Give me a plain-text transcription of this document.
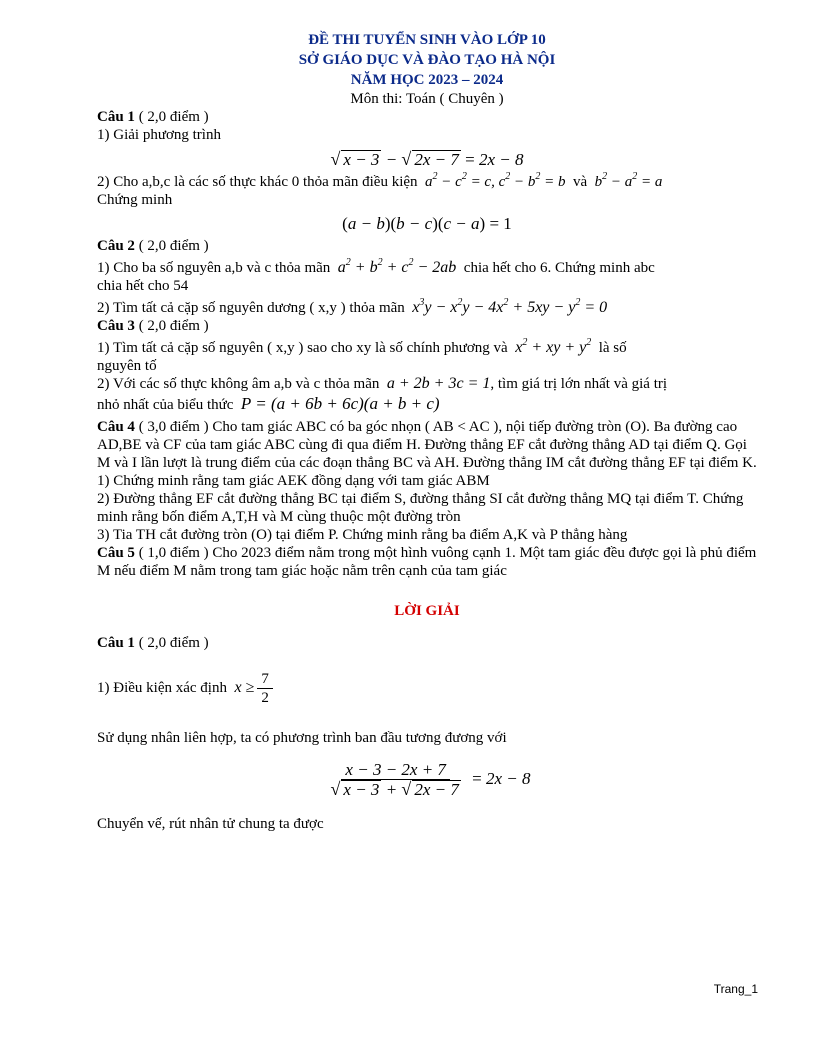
ĐỀ THI TUYỂN SINH VÀO LỚP 10
SỞ GIÁO DỤC VÀ ĐÀO TẠO HÀ NỘI
NĂM HỌC 2023 – 2024
Môn thi: Toán ( Chuyên )

Câu 1 ( 2,0 điểm )

1) Giải phương trình

√ x − 3 − √ 2x − 7 = 2x − 8

2) Cho a,b,c là các số thực khác 0 thỏa mãn điều kiện $a^2 - c^2 = c$, $c^2 - b^2 = b$ và $b^2 - a^2 = a$

Chứng minh

(a − b)(b − c)(c − a) = 1

Câu 2 ( 2,0 điểm )

1) Cho ba số nguyên a,b và c thỏa mãn $a^2 + b^2 + c^2 - 2ab$ chia hết cho 6. Chứng minh abc

chia hết cho 54

2) Tìm tất cả cặp số nguyên dương ( x,y ) thỏa mãn $x^3y - x^2y - 4x^2 + 5xy - y^2 = 0$

Câu 3 ( 2,0 điểm )

1) Tìm tất cả cặp số nguyên ( x,y ) sao cho xy là số chính phương và $x^2$ + xy + $y^2$ là số

nguyên tố

2) Với các số thực không âm a,b và c thỏa mãn a + 2b + 3c = 1, tìm giá trị lớn nhất và giá trị

nhỏ nhất của biểu thức P = (a + 6b + 6c)(a + b + c)

Câu 4 ( 3,0 điểm ) Cho tam giác ABC có ba góc nhọn ( AB < AC ), nội tiếp đường tròn (O). Ba đường cao AD,BE và CF của tam giác ABC cùng đi qua điểm H. Đường thẳng EF cắt đường thẳng AD tại điểm Q. Gọi M và I lần lượt là trung điểm của các đoạn thẳng BC và AH. Đường thẳng IM cắt đường thẳng EF tại điểm K.

1) Chứng minh rằng tam giác AEK đồng dạng với tam giác ABM

2) Đường thẳng EF cắt đường thẳng BC tại điểm S, đường thẳng SI cắt đường thẳng MQ tại điểm T. Chứng minh rằng bốn điểm A,T,H và M cùng thuộc một đường tròn

3) Tia TH cắt đường tròn (O) tại điểm P. Chứng minh rằng ba điểm A,K và P thẳng hàng

Câu 5 ( 1,0 điểm ) Cho 2023 điểm nằm trong một hình vuông cạnh 1. Một tam giác đều được gọi là phủ điểm M nếu điểm M nằm trong tam giác hoặc nằm trên cạnh của tam giác

LỜI GIẢI

Câu 1 ( 2,0 điểm )

1) Điều kiện xác định $x \ge \frac{7}{2}$

Sử dụng nhân liên hợp, ta có phương trình ban đầu tương đương với

$\frac{x - 3 - 2x + 7}{√ x - 3 + √ 2x - 7} = 2x - 8$

Chuyển vế, rút nhân tử chung ta được

Trang_1
